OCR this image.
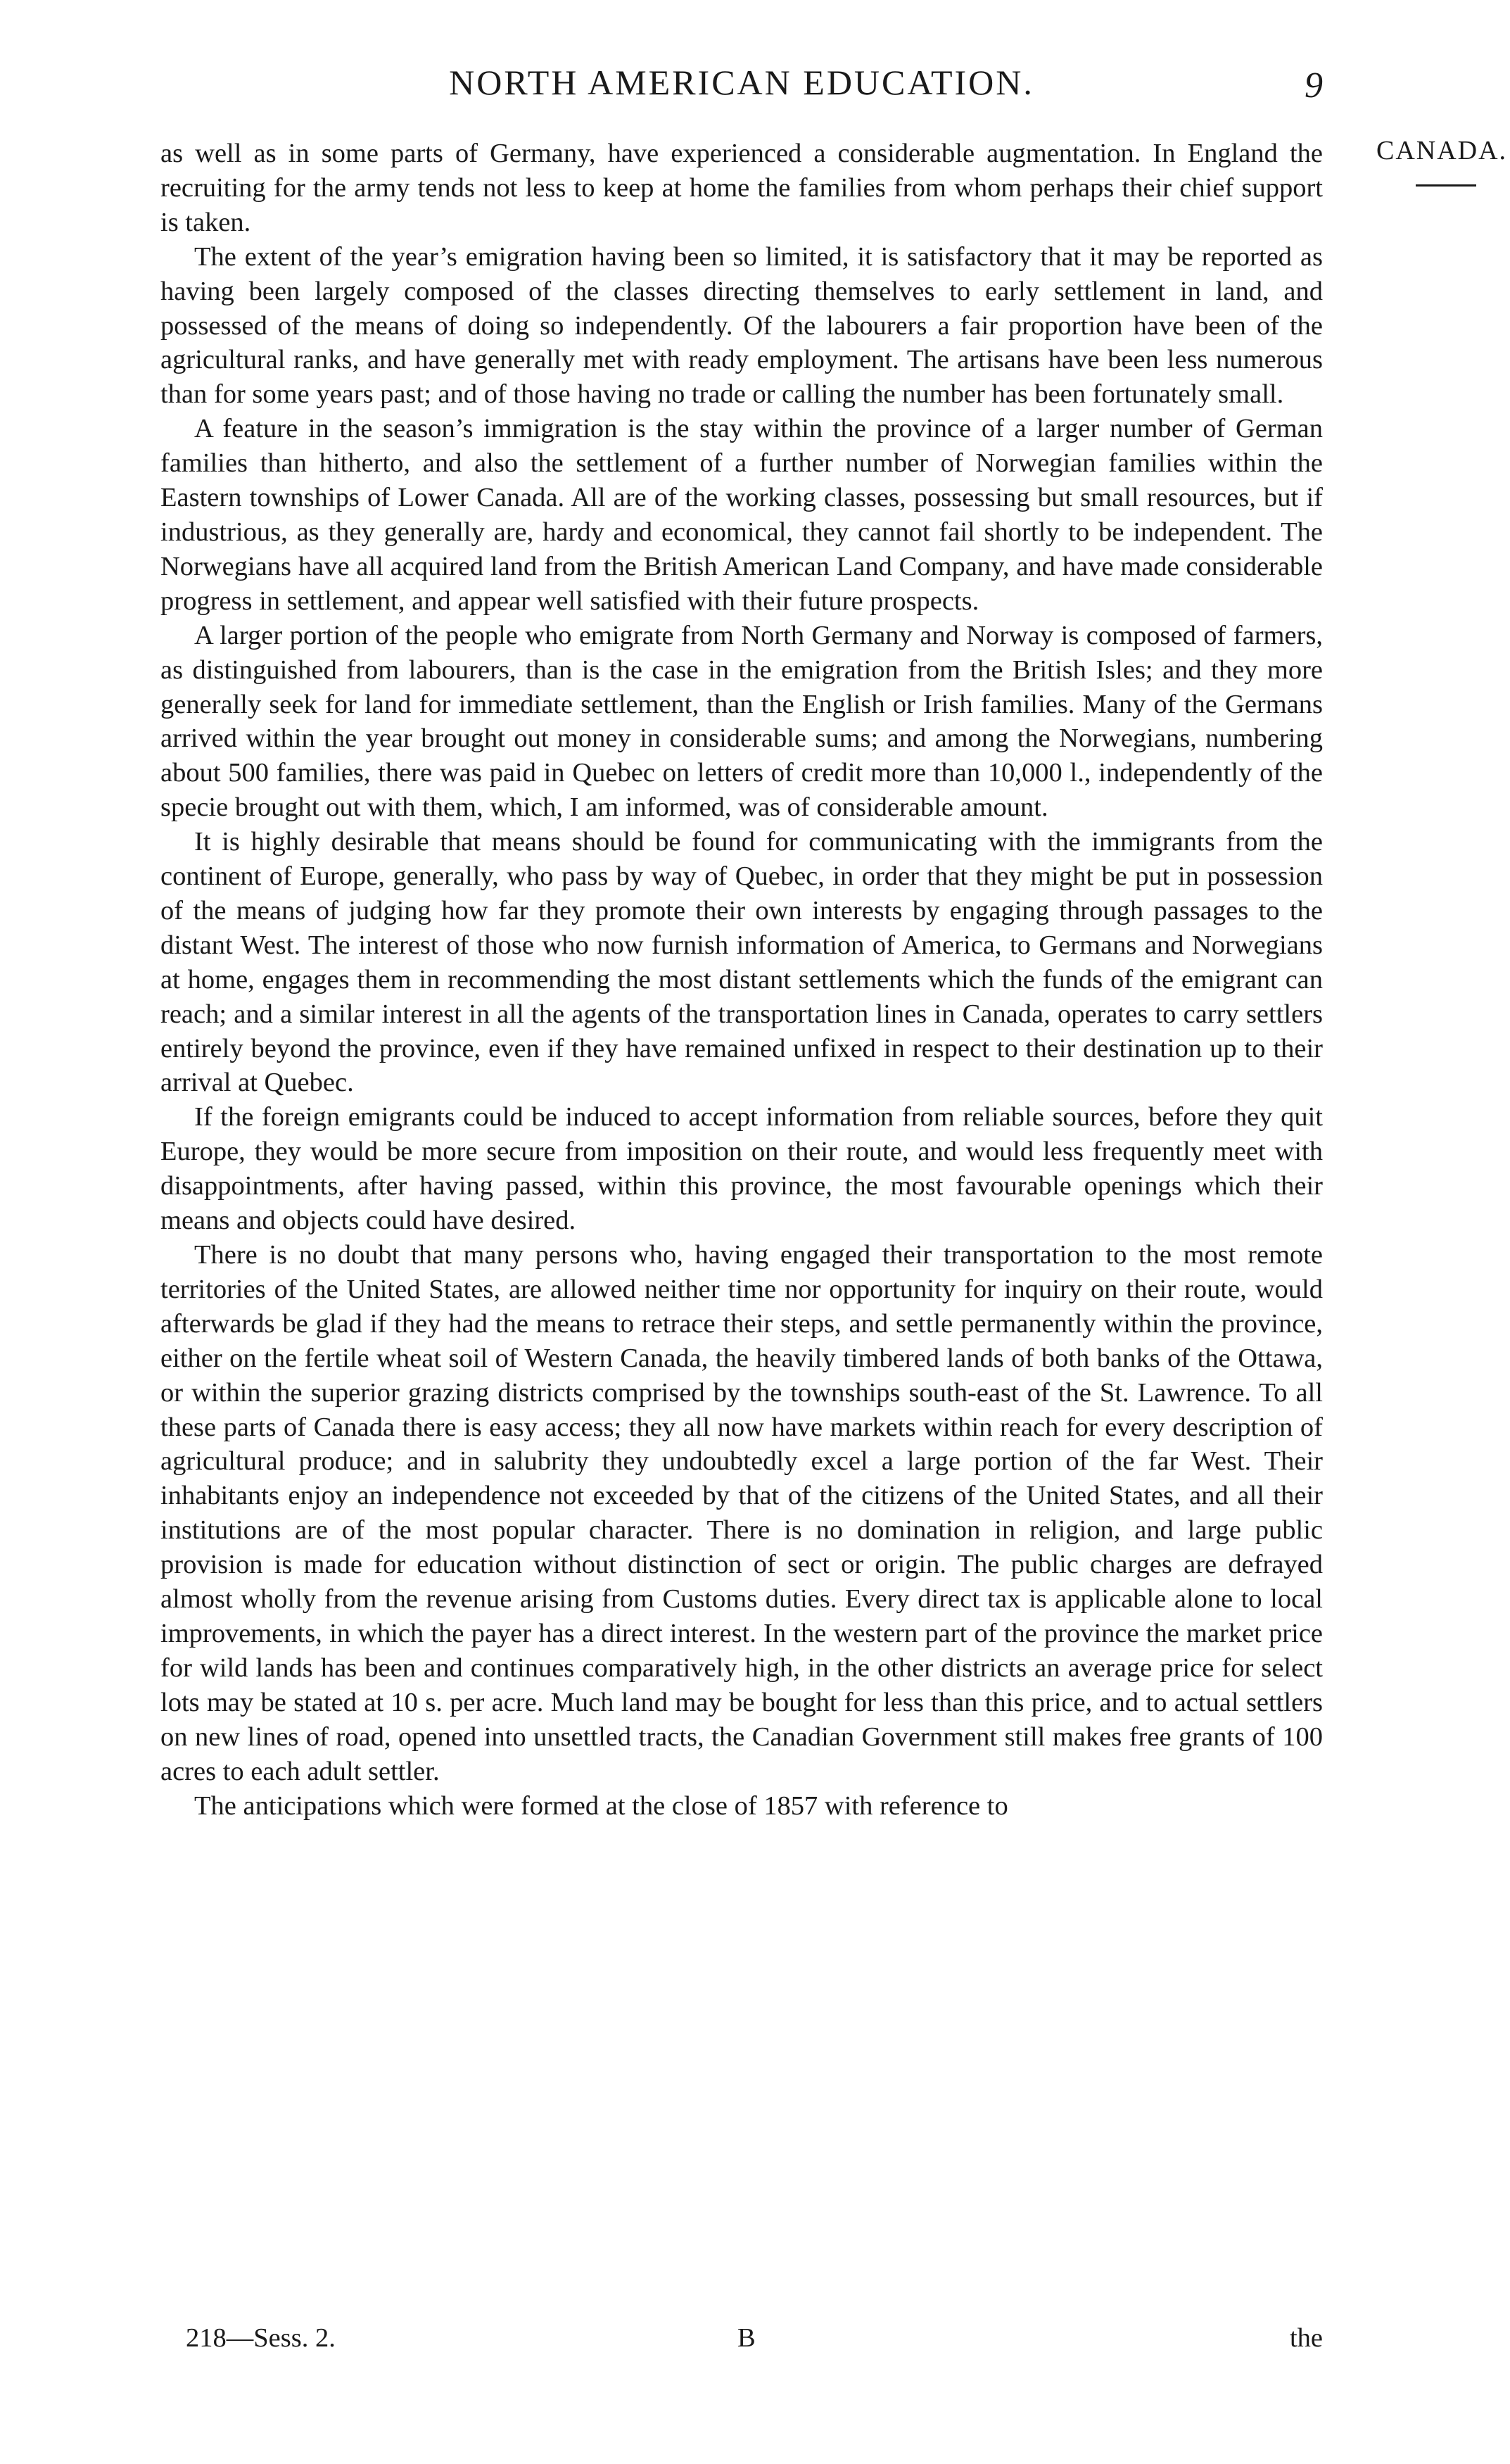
NORTH AMERICAN EDUCATION.	9
CANADA.

as well as in some parts of Germany, have experienced a considerable augmentation. In England the recruiting for the army tends not less to keep at home the families from whom perhaps their chief support is taken.

The extent of the year’s emigration having been so limited, it is satisfactory that it may be reported as having been largely composed of the classes directing themselves to early settlement in land, and possessed of the means of doing so independently. Of the labourers a fair proportion have been of the agricultural ranks, and have generally met with ready employment. The artisans have been less numerous than for some years past; and of those having no trade or calling the number has been fortunately small.

A feature in the season’s immigration is the stay within the province of a larger number of German families than hitherto, and also the settlement of a further number of Norwegian families within the Eastern townships of Lower Canada. All are of the working classes, possessing but small resources, but if industrious, as they generally are, hardy and economical, they cannot fail shortly to be independent. The Norwegians have all acquired land from the British American Land Company, and have made considerable progress in settlement, and appear well satisfied with their future prospects.

A larger portion of the people who emigrate from North Germany and Norway is composed of farmers, as distinguished from labourers, than is the case in the emigration from the British Isles; and they more generally seek for land for immediate settlement, than the English or Irish families. Many of the Germans arrived within the year brought out money in considerable sums; and among the Norwegians, numbering about 500 families, there was paid in Quebec on letters of credit more than 10,000 l., independently of the specie brought out with them, which, I am informed, was of considerable amount.

It is highly desirable that means should be found for communicating with the immigrants from the continent of Europe, generally, who pass by way of Quebec, in order that they might be put in possession of the means of judging how far they promote their own interests by engaging through passages to the distant West. The interest of those who now furnish information of America, to Germans and Norwegians at home, engages them in recommending the most distant settlements which the funds of the emigrant can reach; and a similar interest in all the agents of the transportation lines in Canada, operates to carry settlers entirely beyond the province, even if they have remained unfixed in respect to their destination up to their arrival at Quebec.

If the foreign emigrants could be induced to accept information from reliable sources, before they quit Europe, they would be more secure from imposition on their route, and would less frequently meet with disappointments, after having passed, within this province, the most favourable openings which their means and objects could have desired.

There is no doubt that many persons who, having engaged their transportation to the most remote territories of the United States, are allowed neither time nor opportunity for inquiry on their route, would afterwards be glad if they had the means to retrace their steps, and settle permanently within the province, either on the fertile wheat soil of Western Canada, the heavily timbered lands of both banks of the Ottawa, or within the superior grazing districts comprised by the townships south-east of the St. Lawrence. To all these parts of Canada there is easy access; they all now have markets within reach for every description of agricultural produce; and in salubrity they undoubtedly excel a large portion of the far West. Their inhabitants enjoy an independence not exceeded by that of the citizens of the United States, and all their institutions are of the most popular character. There is no domination in religion, and large public provision is made for education without distinction of sect or origin. The public charges are defrayed almost wholly from the revenue arising from Customs duties. Every direct tax is applicable alone to local improvements, in which the payer has a direct interest. In the western part of the province the market price for wild lands has been and continues comparatively high, in the other districts an average price for select lots may be stated at 10 s. per acre. Much land may be bought for less than this price, and to actual settlers on new lines of road, opened into unsettled tracts, the Canadian Government still makes free grants of 100 acres to each adult settler.

The anticipations which were formed at the close of 1857 with reference to

218—Sess. 2.	B	the
